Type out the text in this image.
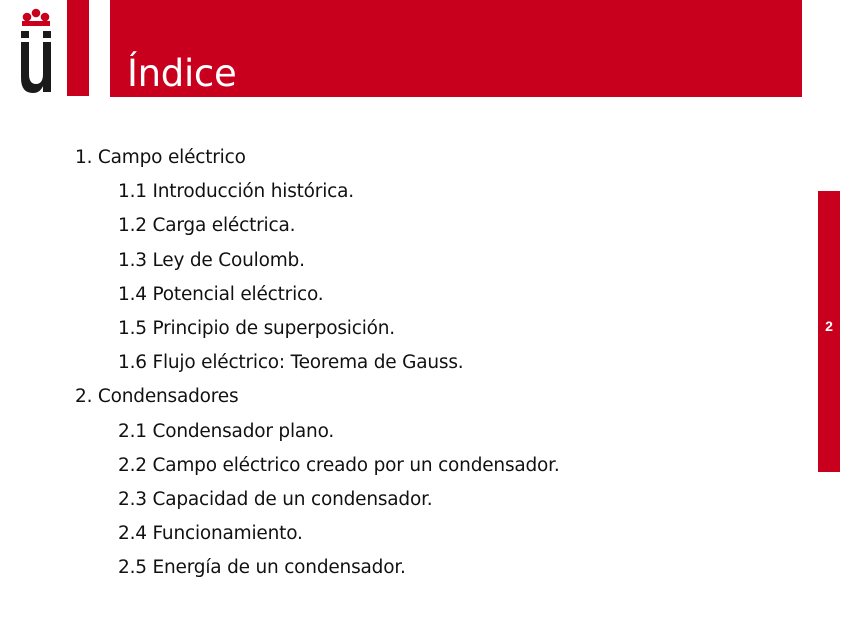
Índice
2
1. Campo eléctrico
1.1 Introducción histórica.
1.2 Carga eléctrica.
1.3 Ley de Coulomb.
1.4 Potencial eléctrico.
1.5 Principio de superposición.
1.6 Flujo eléctrico: Teorema de Gauss.
2. Condensadores
2.1 Condensador plano.
2.2 Campo eléctrico creado por un condensador.
2.3 Capacidad de un condensador.
2.4 Funcionamiento.
2.5 Energía de un condensador.
